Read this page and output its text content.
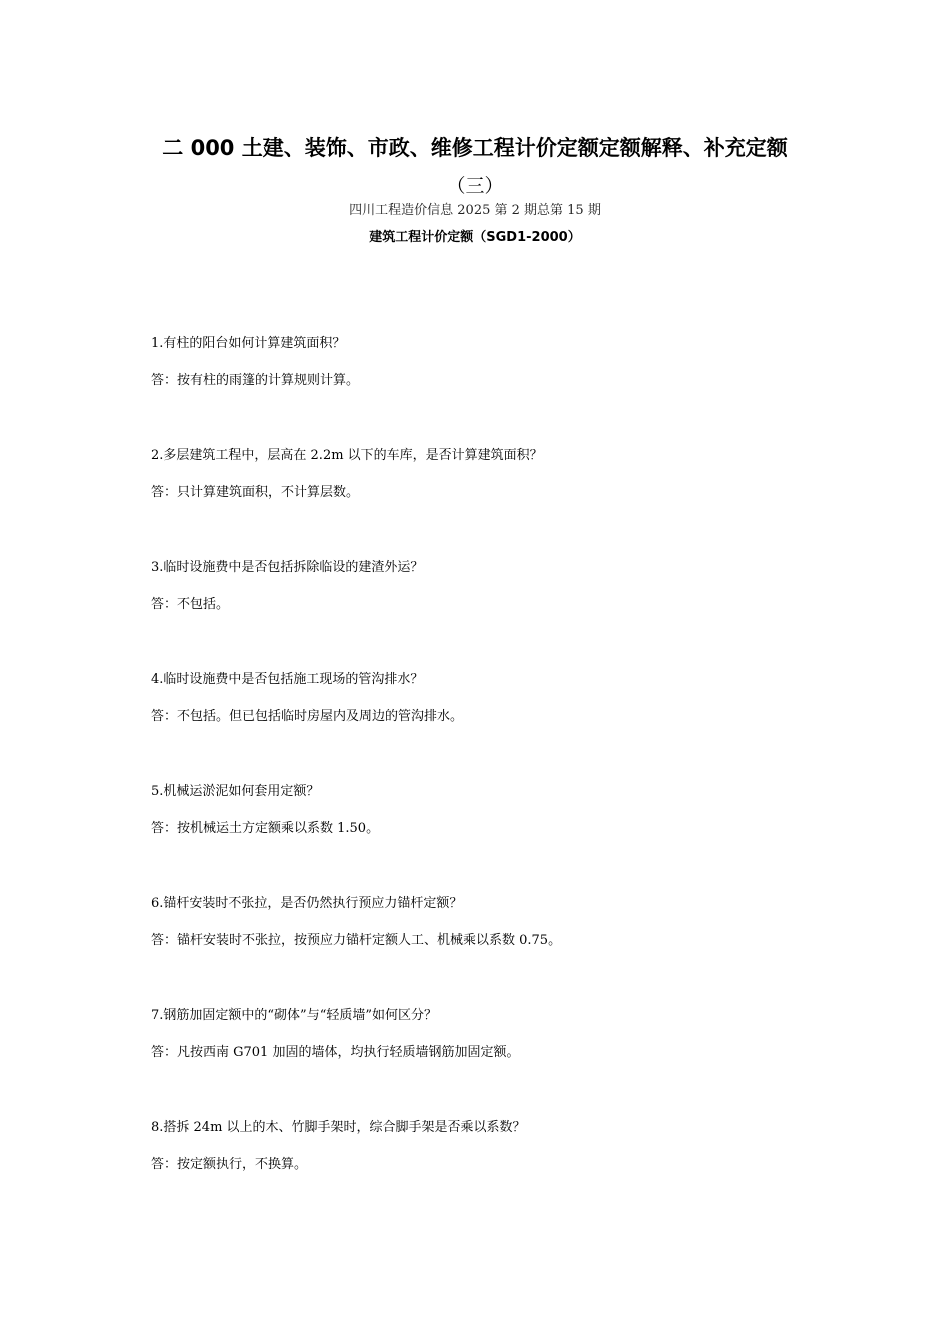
二 000 土建、装饰、市政、维修工程计价定额定额解释、补充定额
（三）
四川工程造价信息 2025 第 2 期总第 15 期
建筑工程计价定额（SGD1-2000）

1.有柱的阳台如何计算建筑面积？

答：按有柱的雨篷的计算规则计算。

2.多层建筑工程中，层高在 2.2m 以下的车库，是否计算建筑面积？

答：只计算建筑面积，不计算层数。

3.临时设施费中是否包括拆除临设的建渣外运？

答：不包括。

4.临时设施费中是否包括施工现场的管沟排水？

答：不包括。但已包括临时房屋内及周边的管沟排水。

5.机械运淤泥如何套用定额？

答：按机械运土方定额乘以系数 1.50。

6.锚杆安装时不张拉，是否仍然执行预应力锚杆定额？

答：锚杆安装时不张拉，按预应力锚杆定额人工、机械乘以系数 0.75。

7.钢筋加固定额中的“砌体”与“轻质墙”如何区分？

答：凡按西南 G701 加固的墙体，均执行轻质墙钢筋加固定额。

8.搭拆 24m 以上的木、竹脚手架时，综合脚手架是否乘以系数？

答：按定额执行，不换算。
